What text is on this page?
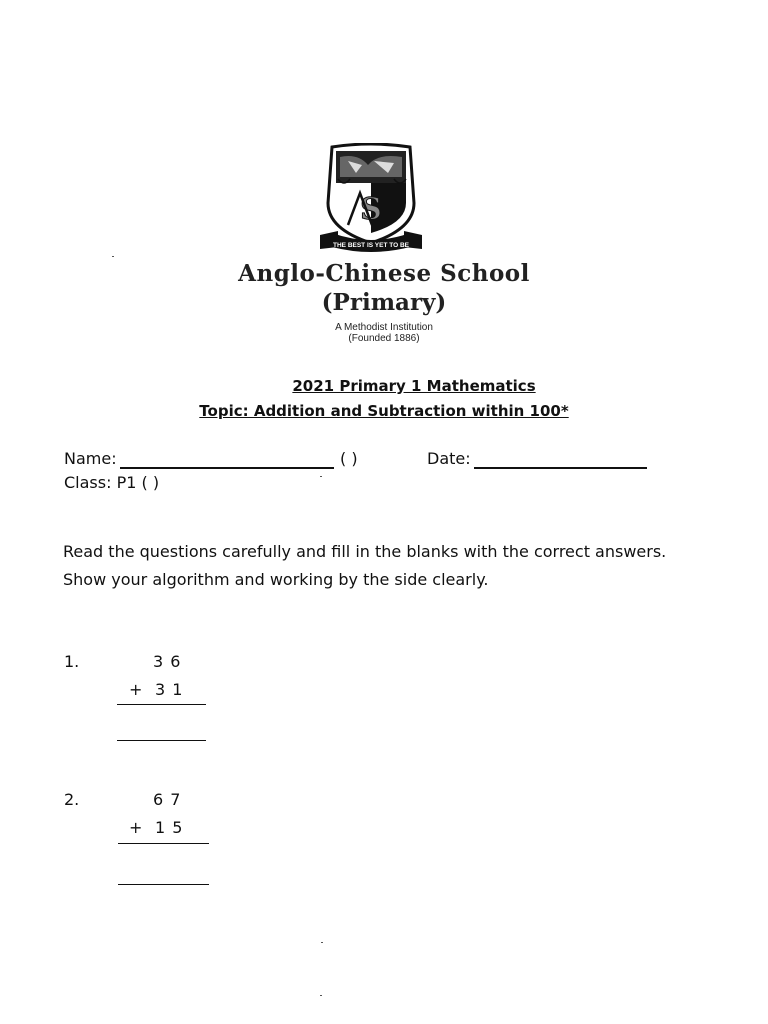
S
THE BEST IS YET TO BE
Anglo-Chinese School
(Primary)
A Methodist Institution
(Founded 1886)
2021 Primary 1 Mathematics
Topic: Addition and Subtraction within 100*
Name:	( )	Date:
Class: P1 ( )
Read the questions carefully and fill in the blanks with the correct answers. Show your algorithm and working by the side clearly.
1.	3 6
+ 3 1
2.	6 7
+ 1 5
